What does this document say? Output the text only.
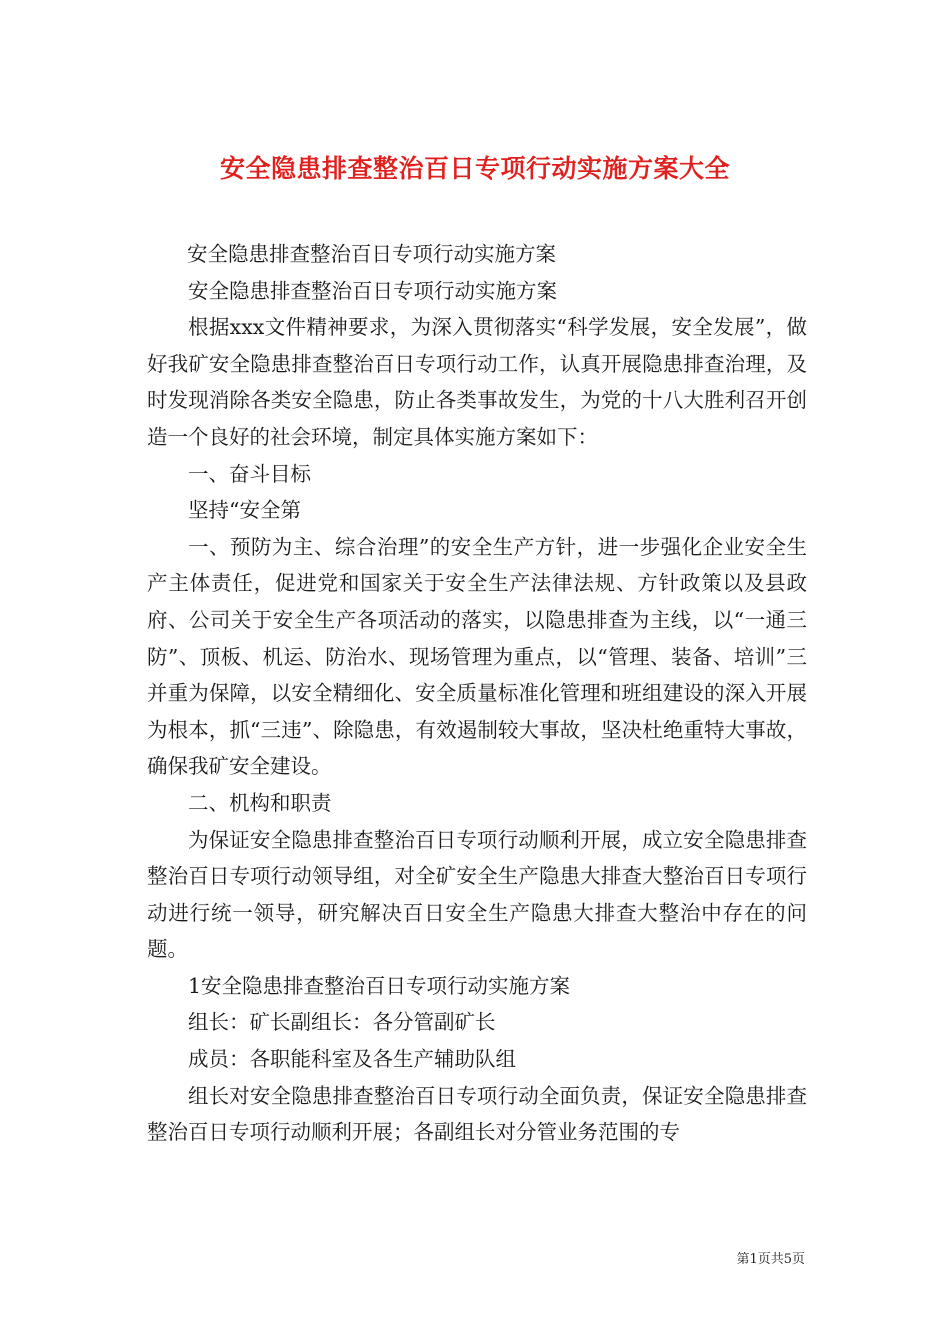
安全隐患排查整治百日专项行动实施方案大全

安全隐患排查整治百日专项行动实施方案

安全隐患排查整治百日专项行动实施方案

根据xxx文件精神要求，为深入贯彻落实“科学发展，安全发展”，做好我矿安全隐患排查整治百日专项行动工作，认真开展隐患排查治理，及时发现消除各类安全隐患，防止各类事故发生，为党的十八大胜利召开创造一个良好的社会环境，制定具体实施方案如下：

一、奋斗目标

坚持“安全第

一、预防为主、综合治理”的安全生产方针，进一步强化企业安全生产主体责任，促进党和国家关于安全生产法律法规、方针政策以及县政府、公司关于安全生产各项活动的落实，以隐患排查为主线，以“一通三防”、顶板、机运、防治水、现场管理为重点，以“管理、装备、培训”三并重为保障，以安全精细化、安全质量标准化管理和班组建设的深入开展为根本，抓“三违”、除隐患，有效遏制较大事故，坚决杜绝重特大事故，确保我矿安全建设。

二、机构和职责

为保证安全隐患排查整治百日专项行动顺利开展，成立安全隐患排查整治百日专项行动领导组，对全矿安全生产隐患大排查大整治百日专项行动进行统一领导，研究解决百日安全生产隐患大排查大整治中存在的问题。

1安全隐患排查整治百日专项行动实施方案

组长：矿长副组长：各分管副矿长

成员：各职能科室及各生产辅助队组

组长对安全隐患排查整治百日专项行动全面负责，保证安全隐患排查整治百日专项行动顺利开展；各副组长对分管业务范围的专

第1页共5页
